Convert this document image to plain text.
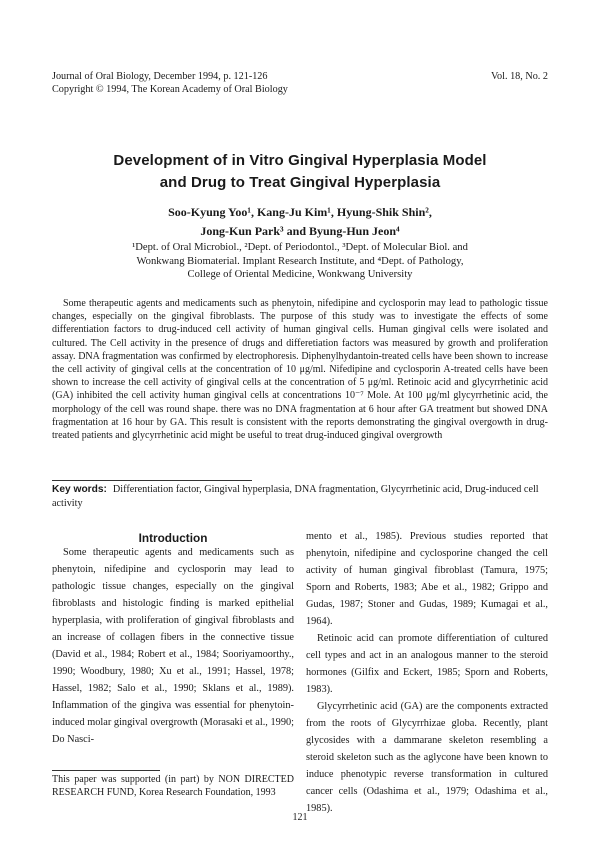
Journal of Oral Biology, December 1994, p. 121-126
Copyright © 1994, The Korean Academy of Oral Biology
Vol. 18, No. 2
Development of in Vitro Gingival Hyperplasia Model
and Drug to Treat Gingival Hyperplasia
Soo-Kyung Yoo¹, Kang-Ju Kim¹, Hyung-Shik Shin²,
Jong-Kun Park³ and Byung-Hun Jeon⁴
¹Dept. of Oral Microbiol., ²Dept. of Periodontol., ³Dept. of Molecular Biol. and
Wonkwang Biomaterial. Implant Research Institute, and ⁴Dept. of Pathology,
College of Oriental Medicine, Wonkwang University

Some therapeutic agents and medicaments such as phenytoin, nifedipine and cyclosporin may lead to pathologic tissue changes, especially on the gingival fibroblasts. The purpose of this study was to investigate the effects of some differentiation factors to drug-induced cell activity of human gingival cells. Human gingival cells were isolated and cultured. The Cell activity in the presence of drugs and differetiation factors was measured by growth and proliferation assay. DNA fragmentation was confirmed by electrophoresis. Diphenylhydantoin-treated cells have been shown to increase the cell activity of gingival cells at the concentration of 10 μg/ml. Nifedipine and cyclosporin A-treated cells have been shown to increase the cell activity of gingival cells at the concentration of 5 μg/ml. Retinoic acid and glycyrrhetinic acid (GA) inhibited the cell activity human gingival cells at concentrations 10⁻⁷ Mole. At 100 μg/ml glycyrrhetinic acid, the morphology of the cell was round shape. there was no DNA fragmentation at 6 hour after GA treatment but showed DNA fragmentation at 16 hour by GA. This result is consistent with the reports demonstrating the gingival overgowth in drug-treated patients and glycyrrhetinic acid might be useful to treat drug-induced gingival overgrowth

Key words: Differentiation factor, Gingival hyperplasia, DNA fragmentation, Glycyrrhetinic acid, Drug-induced cell activity
Introduction

Some therapeutic agents and medicaments such as phenytoin, nifedipine and cyclosporin may lead to pathologic tissue changes, especially on the gingival fibroblasts and histologic finding is marked epithelial hyperplasia, with proliferation of gingival fibroblasts and an increase of collagen fibers in the connective tissue (David et al., 1984; Robert et al., 1984; Sooriyamoorthy., 1990; Woodbury, 1980; Xu et al., 1991; Hassel, 1978; Hassel, 1982; Salo et al., 1990; Sklans et al., 1989). Inflammation of the gingiva was essential for phenytoin-induced molar gingival overgrowth (Morasaki et al., 1990; Do Nasci-

mento et al., 1985). Previous studies reported that phenytoin, nifedipine and cyclosporine changed the cell activity of human gingival fibroblast (Tamura, 1975; Sporn and Roberts, 1983; Abe et al., 1982; Grippo and Gudas, 1987; Stoner and Gudas, 1989; Kumagai et al., 1964).

Retinoic acid can promote differentiation of cultured cell types and act in an analogous manner to the steroid hormones (Gilfix and Eckert, 1985; Sporn and Roberts, 1983).

Glycyrrhetinic acid (GA) are the components extracted from the roots of Glycyrrhizae globa. Recently, plant glycosides with a dammarane skeleton resembling a steroid skeleton such as the aglycone have been known to induce phenotypic reverse transformation in cultured cancer cells (Odashima et al., 1979; Odashima et al., 1985).

This paper was supported (in part) by NON DIRECTED RESEARCH FUND, Korea Research Foundation, 1993
121
